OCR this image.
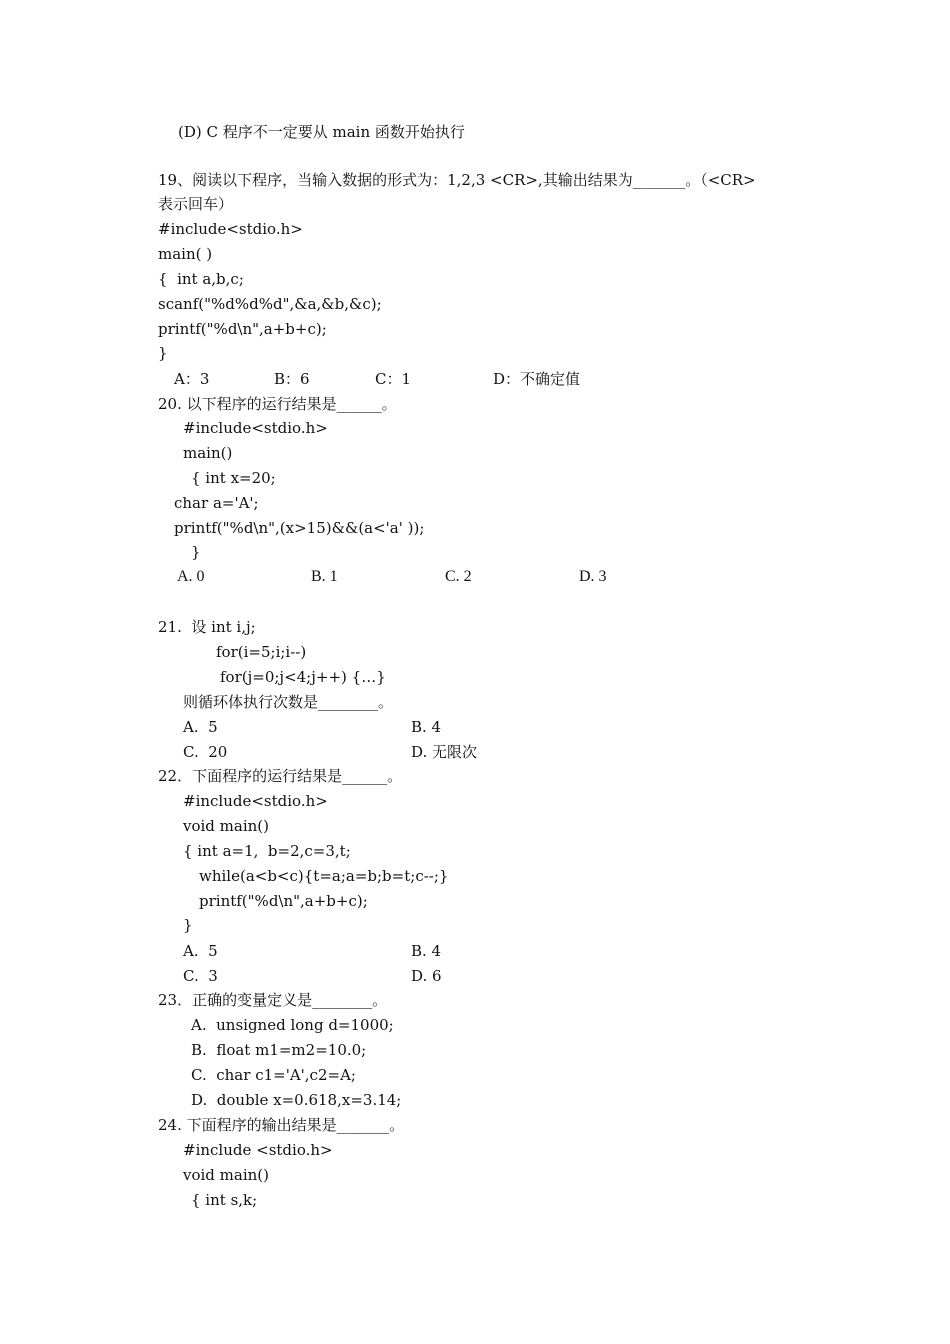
(D) C 程序不一定要从 main 函数开始执行
19、阅读以下程序，当输入数据的形式为：1,2,3 <CR>,其输出结果为_______。（<CR>
表示回车）
#include<stdio.h>
main( )
{  int a,b,c;
scanf("%d%d%d",&a,&b,&c);
printf("%d\n",a+b+c);
}
A：3	B：6	C：1	D：不确定值
20. 以下程序的运行结果是______。
#include<stdio.h>
main()
{ int x=20;
char a='A';
printf("%d\n",(x>15)&&(a<'a' ));
}
A. 0	B. 1	C. 2	D. 3
21.  设 int i,j;
for(i=5;i;i--)
for(j=0;j<4;j++) {…}
则循环体执行次数是________。
A.  5	B. 4
C.  20	D. 无限次
22．下面程序的运行结果是______。
#include<stdio.h>
void main()
{ int a=1,  b=2,c=3,t;
while(a<b<c){t=a;a=b;b=t;c--;}
printf("%d\n",a+b+c);
}
A.  5	B. 4
C.  3	D. 6
23．正确的变量定义是________。
A.  unsigned long d=1000;
B.  float m1=m2=10.0;
C.  char c1='A',c2=A;
D.  double x=0.618,x=3.14;
24. 下面程序的输出结果是_______。
#include <stdio.h>
void main()
{ int s,k;
